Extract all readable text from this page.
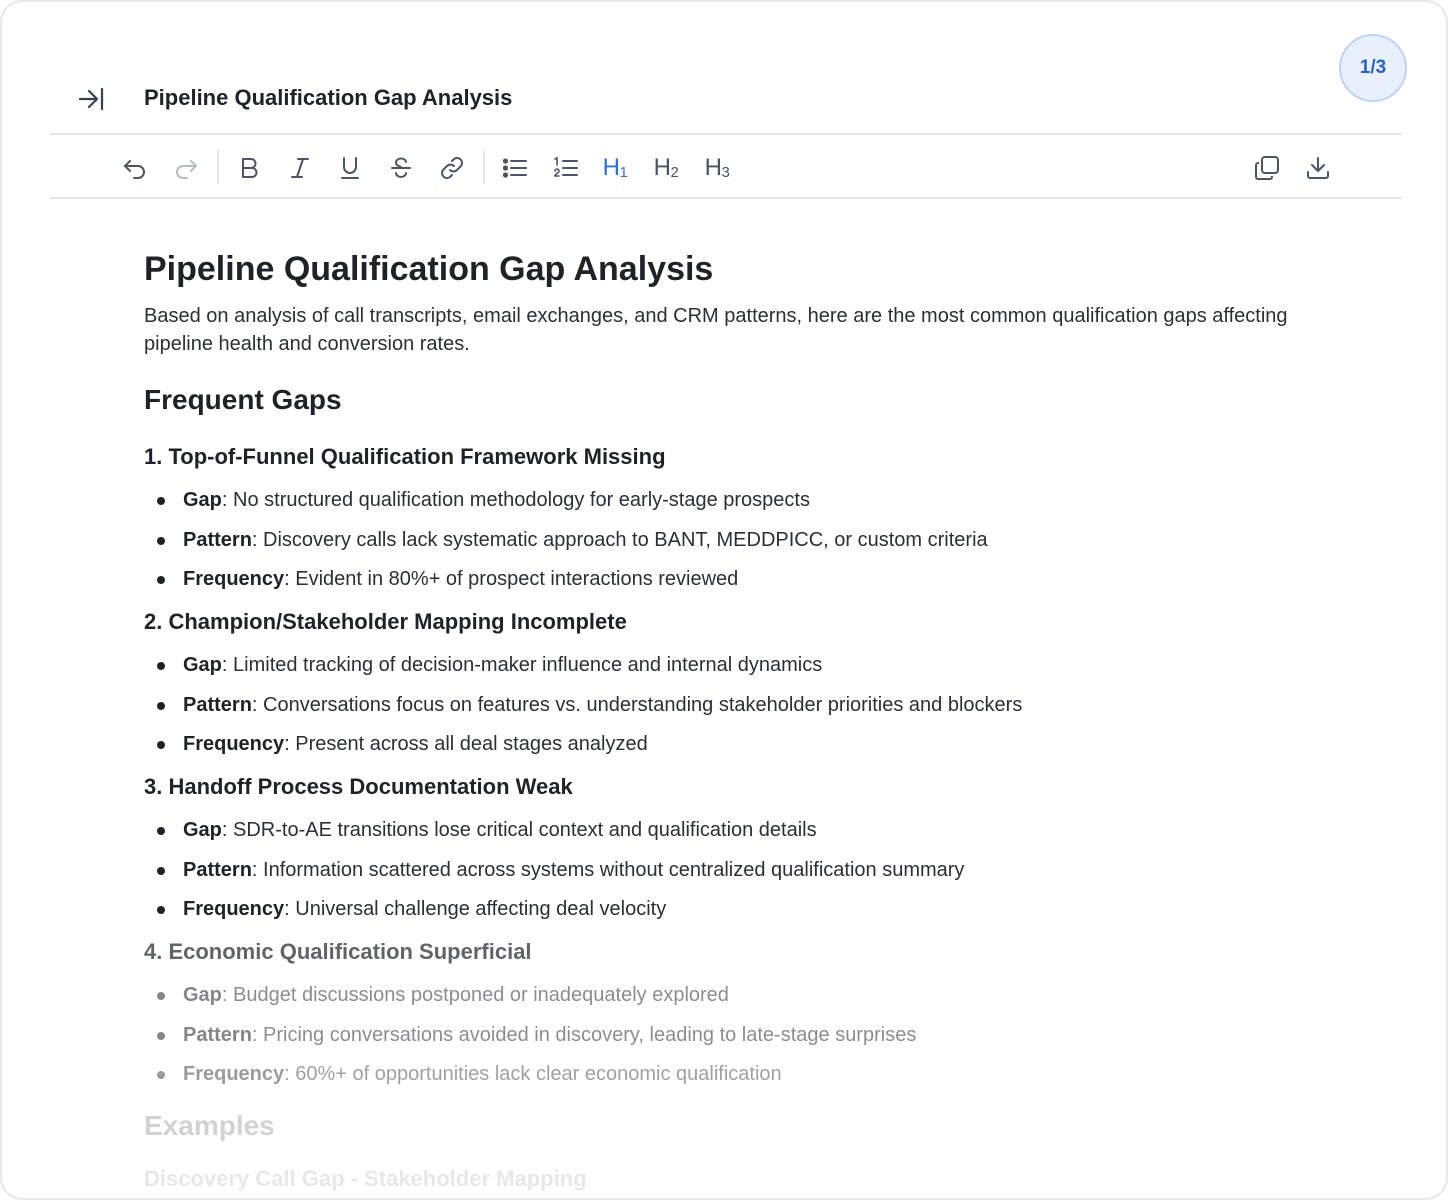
1/3
Pipeline Qualification Gap Analysis
$H_1$ $H_2$ $H_3$
Pipeline Qualification Gap Analysis

Based on analysis of call transcripts, email exchanges, and CRM patterns, here are the most common qualification gaps affecting pipeline health and conversion rates.

Frequent Gaps
1. Top-of-Funnel Qualification Framework Missing
Gap: No structured qualification methodology for early-stage prospects
Pattern: Discovery calls lack systematic approach to BANT, MEDDPICC, or custom criteria
Frequency: Evident in 80%+ of prospect interactions reviewed
2. Champion/Stakeholder Mapping Incomplete
Gap: Limited tracking of decision-maker influence and internal dynamics
Pattern: Conversations focus on features vs. understanding stakeholder priorities and blockers
Frequency: Present across all deal stages analyzed
3. Handoff Process Documentation Weak
Gap: SDR-to-AE transitions lose critical context and qualification details
Pattern: Information scattered across systems without centralized qualification summary
Frequency: Universal challenge affecting deal velocity
4. Economic Qualification Superficial
Gap: Budget discussions postponed or inadequately explored
Pattern: Pricing conversations avoided in discovery, leading to late-stage surprises
Frequency: 60%+ of opportunities lack clear economic qualification
Examples
Discovery Call Gap - Stakeholder Mapping
